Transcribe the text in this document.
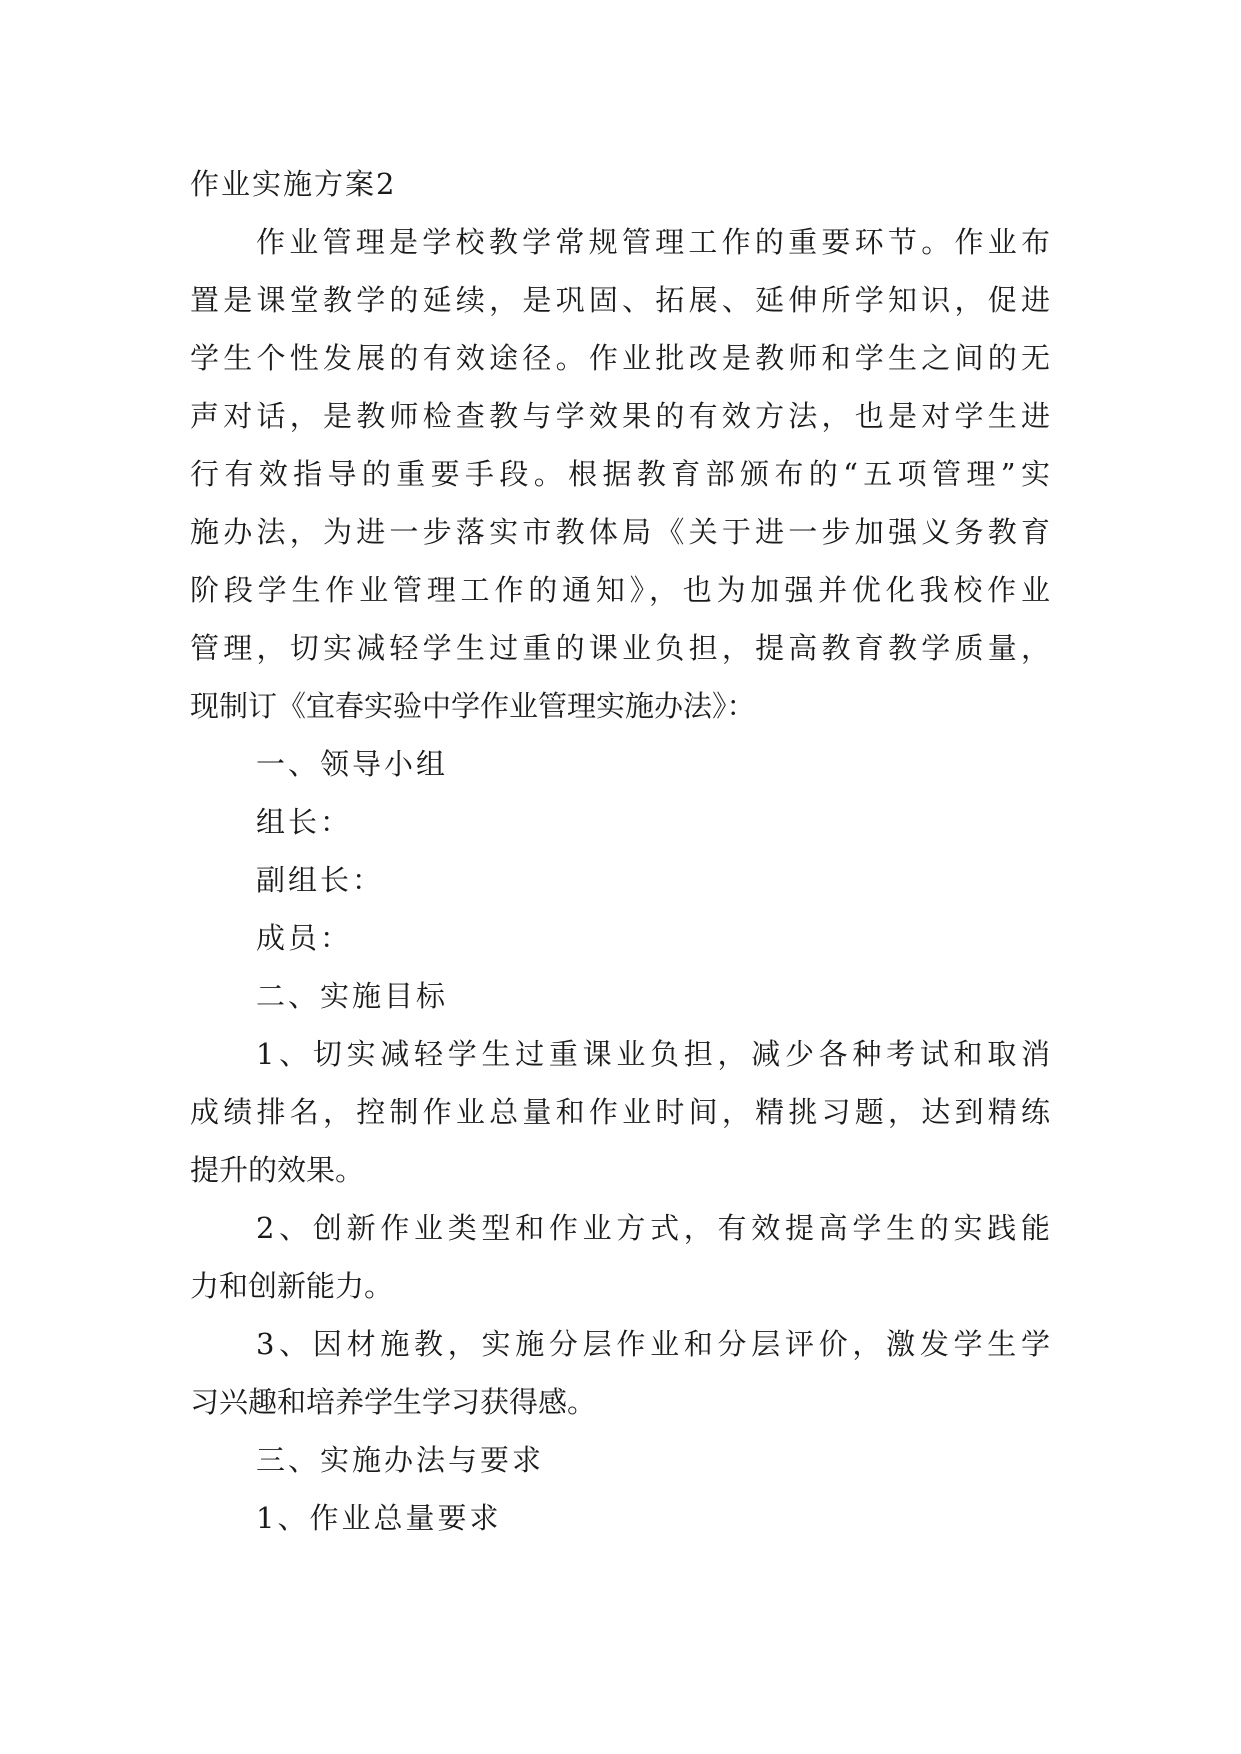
作业实施方案2
作业管理是学校教学常规管理工作的重要环节。作业布
置是课堂教学的延续，是巩固、拓展、延伸所学知识，促进
学生个性发展的有效途径。作业批改是教师和学生之间的无
声对话，是教师检查教与学效果的有效方法，也是对学生进
行有效指导的重要手段。根据教育部颁布的“五项管理”实
施办法，为进一步落实市教体局《关于进一步加强义务教育
阶段学生作业管理工作的通知》，也为加强并优化我校作业
管理，切实减轻学生过重的课业负担，提高教育教学质量，
现制订《宜春实验中学作业管理实施办法》：
一、领导小组
组长：
副组长：
成员：
二、实施目标
1、切实减轻学生过重课业负担，减少各种考试和取消
成绩排名，控制作业总量和作业时间，精挑习题，达到精练
提升的效果。
2、创新作业类型和作业方式，有效提高学生的实践能
力和创新能力。
3、因材施教，实施分层作业和分层评价，激发学生学
习兴趣和培养学生学习获得感。
三、实施办法与要求
1、作业总量要求
